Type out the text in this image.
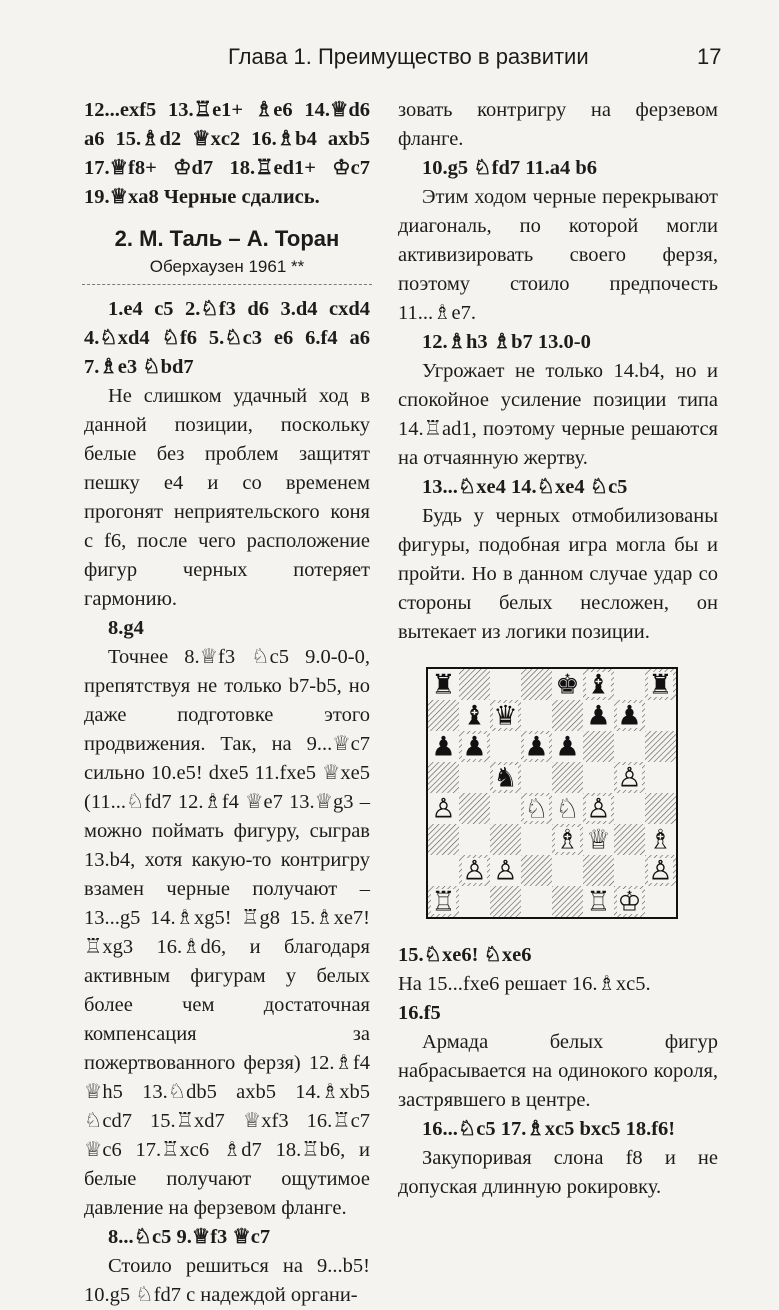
Глава 1. Преимущество в развитии	17

12...exf5 13.♖e1+ ♗e6 14.♕d6 a6 15.♗d2 ♕xc2 16.♗b4 axb5 17.♕f8+ ♔d7 18.♖ed1+ ♔c7 19.♕xa8 Черные сдались.

2. М. Таль – А. Торан
Оберхаузен 1961 **

1.e4 c5 2.♘f3 d6 3.d4 cxd4 4.♘xd4 ♘f6 5.♘c3 e6 6.f4 a6 7.♗e3 ♘bd7

Не слишком удачный ход в данной позиции, поскольку белые без проблем защитят пешку e4 и со временем прогонят неприятельского коня с f6, после чего расположение фигур черных потеряет гармонию.

8.g4

Точнее 8.♕f3 ♘c5 9.0-0-0, препятствуя не только b7-b5, но даже подготовке этого продвижения. Так, на 9...♕c7 сильно 10.e5! dxe5 11.fxe5 ♕xe5 (11...♘fd7 12.♗f4 ♕e7 13.♕g3 – можно поймать фигуру, сыграв 13.b4, хотя какую-то контригру взамен черные получают – 13...g5 14.♗xg5! ♖g8 15.♗xe7! ♖xg3 16.♗d6, и благодаря активным фигурам у белых более чем достаточная компенсация за пожертвованного ферзя) 12.♗f4 ♕h5 13.♘db5 axb5 14.♗xb5 ♘cd7 15.♖xd7 ♕xf3 16.♖c7 ♕c6 17.♖xc6 ♗d7 18.♖b6, и белые получают ощутимое давление на ферзевом фланге.

8...♘c5 9.♕f3 ♕c7

Стоило решиться на 9...b5! 10.g5 ♘fd7 с надеждой органи-

зовать контригру на ферзевом фланге.

10.g5 ♘fd7 11.a4 b6

Этим ходом черные перекрывают диагональ, по которой могли активизировать своего ферзя, поэтому стоило предпочесть 11...♗e7.

12.♗h3 ♗b7 13.0-0

Угрожает не только 14.b4, но и спокойное усиление позиции типа 14.♖ad1, поэтому черные решаются на отчаянную жертву.

13...♘xe4 14.♘xe4 ♘c5

Будь у черных отмобилизованы фигуры, подобная игра могла бы и пройти. Но в данном случае удар со стороны белых несложен, он вытекает из логики позиции.

♜	♚ ♝ ♜
♝ ♛	♟ ♟
♟ ♟ ♟ ♟
♞	♙
♙	♘ ♘ ♙
♗ ♕ ♗
♙ ♙	♙
♖	♖ ♔

15.♘xe6! ♘xe6

На 15...fxe6 решает 16.♗xc5.

16.f5

Армада белых фигур набрасывается на одинокого короля, застрявшего в центре.

16...♘c5 17.♗xc5 bxc5 18.f6!

Закупоривая слона f8 и не допуская длинную рокировку.
